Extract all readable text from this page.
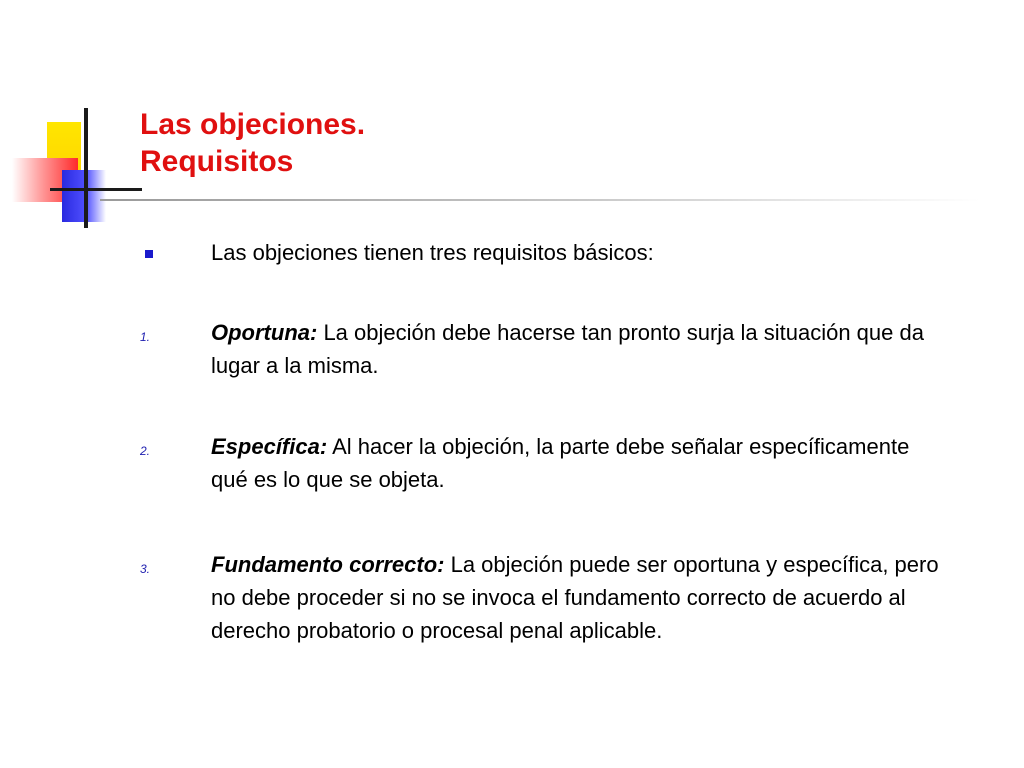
Las objeciones.
Requisitos
Las objeciones tienen tres requisitos básicos:
1.	Oportuna: La objeción debe hacerse tan pronto surja la situación que da
lugar a la misma.
2.	Específica: Al hacer la objeción, la parte debe señalar específicamente
qué es lo que se objeta.
3.	Fundamento correcto: La objeción puede ser oportuna y específica, pero
no debe proceder si no se invoca el fundamento correcto de acuerdo al
derecho probatorio o procesal penal aplicable.
